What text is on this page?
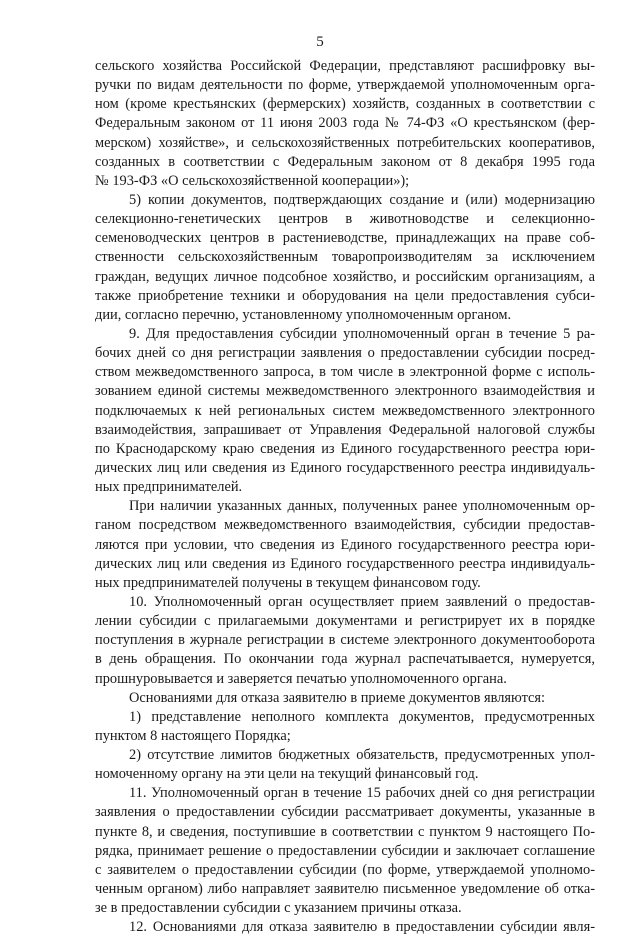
5
сельского хозяйства Российской Федерации, представляют расшифровку вы-
ручки по видам деятельности по форме, утверждаемой уполномоченным орга-
ном (кроме крестьянских (фермерских) хозяйств, созданных в соответствии с
Федеральным законом от 11 июня 2003 года № 74-ФЗ «О крестьянском (фер-
мерском) хозяйстве», и сельскохозяйственных потребительских кооперативов,
созданных в соответствии с Федеральным законом от 8 декабря 1995 года
№ 193-ФЗ «О сельскохозяйственной кооперации»);
5) копии документов, подтверждающих создание и (или) модернизацию
селекционно-генетических центров в животноводстве и селекционно-
семеноводческих центров в растениеводстве, принадлежащих на праве соб-
ственности сельскохозяйственным товаропроизводителям за исключением
граждан, ведущих личное подсобное хозяйство, и российским организациям, а
также приобретение техники и оборудования на цели предоставления субси-
дии, согласно перечню, установленному уполномоченным органом.
9. Для предоставления субсидии уполномоченный орган в течение 5 ра-
бочих дней со дня регистрации заявления о предоставлении субсидии посред-
ством межведомственного запроса, в том числе в электронной форме с исполь-
зованием единой системы межведомственного электронного взаимодействия и
подключаемых к ней региональных систем межведомственного электронного
взаимодействия, запрашивает от Управления Федеральной налоговой службы
по Краснодарскому краю сведения из Единого государственного реестра юри-
дических лиц или сведения из Единого государственного реестра индивидуаль-
ных предпринимателей.
При наличии указанных данных, полученных ранее уполномоченным ор-
ганом посредством межведомственного взаимодействия, субсидии предостав-
ляются при условии, что сведения из Единого государственного реестра юри-
дических лиц или сведения из Единого государственного реестра индивидуаль-
ных предпринимателей получены в текущем финансовом году.
10. Уполномоченный орган осуществляет прием заявлений о предостав-
лении субсидии с прилагаемыми документами и регистрирует их в порядке
поступления в журнале регистрации в системе электронного документооборота
в день обращения. По окончании года журнал распечатывается, нумеруется,
прошнуровывается и заверяется печатью уполномоченного органа.
Основаниями для отказа заявителю в приеме документов являются:
1) представление неполного комплекта документов, предусмотренных
пунктом 8 настоящего Порядка;
2) отсутствие лимитов бюджетных обязательств, предусмотренных упол-
номоченному органу на эти цели на текущий финансовый год.
11. Уполномоченный орган в течение 15 рабочих дней со дня регистрации
заявления о предоставлении субсидии рассматривает документы, указанные в
пункте 8, и сведения, поступившие в соответствии с пунктом 9 настоящего По-
рядка, принимает решение о предоставлении субсидии и заключает соглашение
с заявителем о предоставлении субсидии (по форме, утверждаемой уполномо-
ченным органом) либо направляет заявителю письменное уведомление об отка-
зе в предоставлении субсидии с указанием причины отказа.
12. Основаниями для отказа заявителю в предоставлении субсидии явля-
